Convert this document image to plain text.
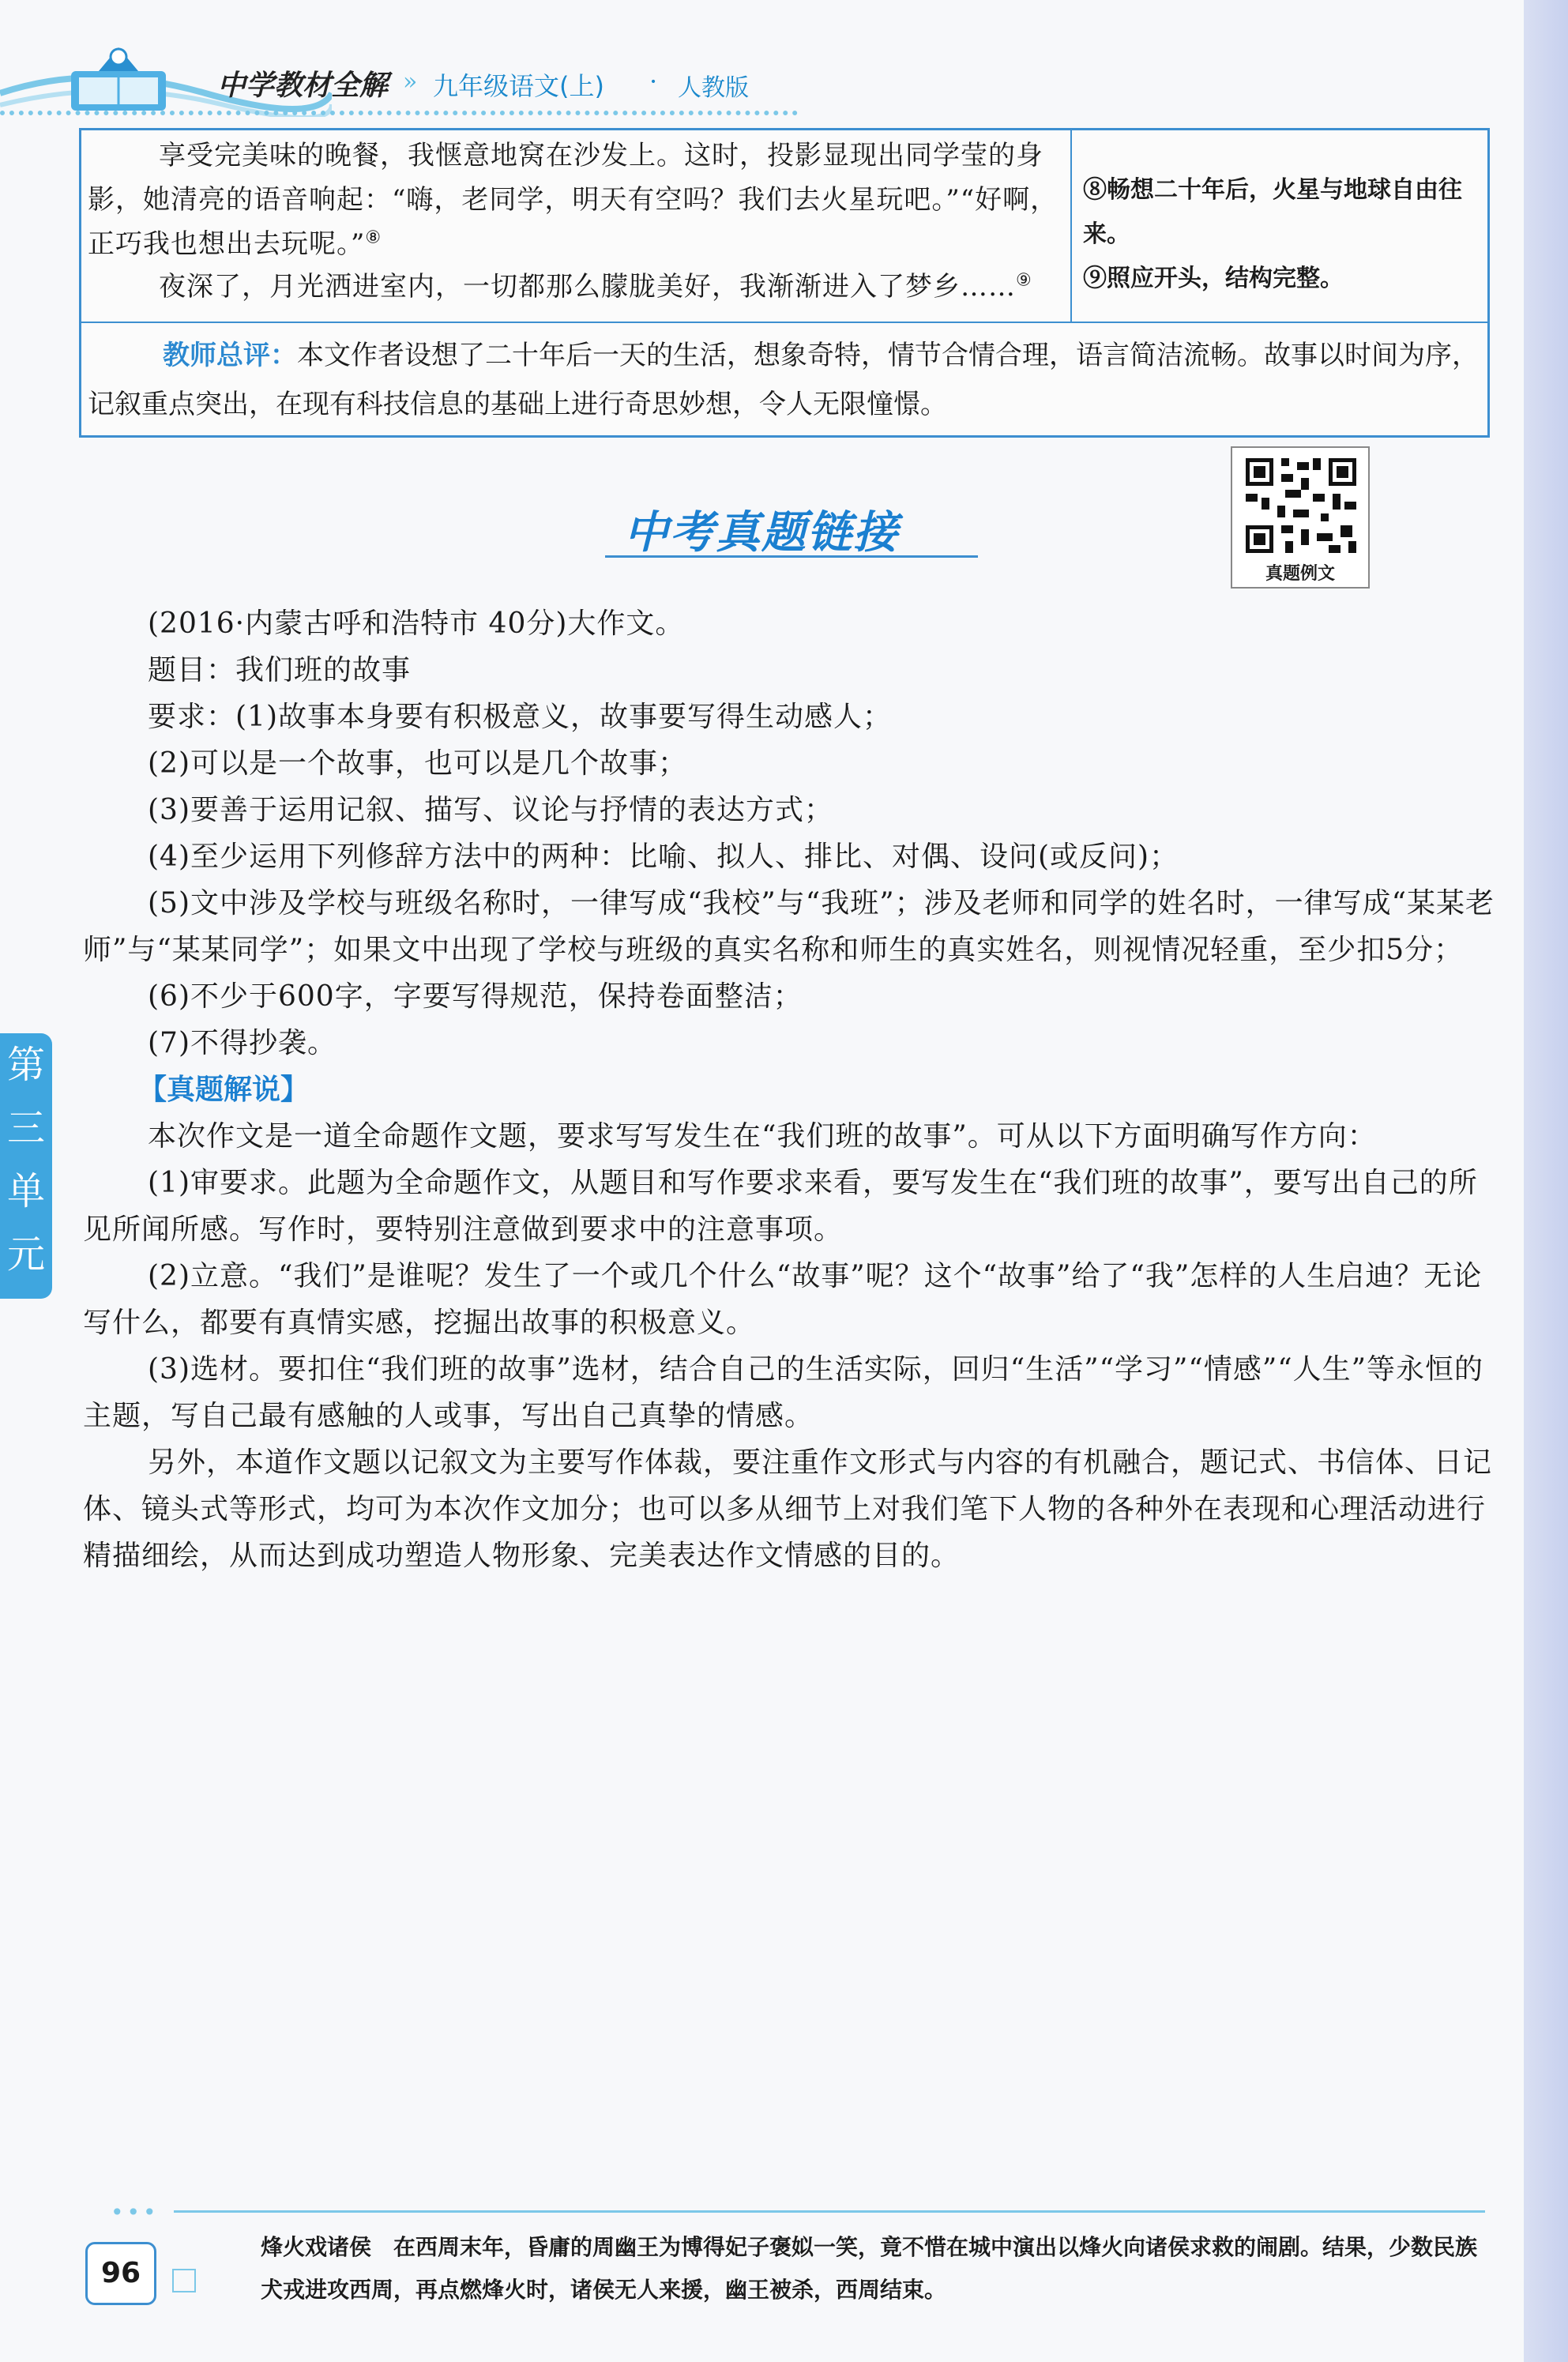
中学教材全解 » 九年级语文(上) · 人教版

享受完美味的晚餐，我惬意地窝在沙发上。这时，投影显现出同学莹的身影，她清亮的语音响起：“嗨，老同学，明天有空吗？我们去火星玩吧。”“好啊，正巧我也想出去玩呢。”⑧

夜深了，月光洒进室内，一切都那么朦胧美好，我渐渐进入了梦乡……⑨

⑧畅想二十年后，火星与地球自由往来。
⑨照应开头，结构完整。

教师总评：本文作者设想了二十年后一天的生活，想象奇特，情节合情合理，语言简洁流畅。故事以时间为序，记叙重点突出，在现有科技信息的基础上进行奇思妙想，令人无限憧憬。

中考真题链接
真题例文

(2016·内蒙古呼和浩特市 40分)大作文。

题目：我们班的故事

要求：(1)故事本身要有积极意义，故事要写得生动感人；

(2)可以是一个故事，也可以是几个故事；

(3)要善于运用记叙、描写、议论与抒情的表达方式；

(4)至少运用下列修辞方法中的两种：比喻、拟人、排比、对偶、设问(或反问)；

(5)文中涉及学校与班级名称时，一律写成“我校”与“我班”；涉及老师和同学的姓名时，一律写成“某某老师”与“某某同学”；如果文中出现了学校与班级的真实名称和师生的真实姓名，则视情况轻重，至少扣5分；

(6)不少于600字，字要写得规范，保持卷面整洁；

(7)不得抄袭。

【真题解说】

本次作文是一道全命题作文题，要求写写发生在“我们班的故事”。可从以下方面明确写作方向：

(1)审要求。此题为全命题作文，从题目和写作要求来看，要写发生在“我们班的故事”，要写出自己的所见所闻所感。写作时，要特别注意做到要求中的注意事项。

(2)立意。“我们”是谁呢？发生了一个或几个什么“故事”呢？这个“故事”给了“我”怎样的人生启迪？无论写什么，都要有真情实感，挖掘出故事的积极意义。

(3)选材。要扣住“我们班的故事”选材，结合自己的生活实际，回归“生活”“学习”“情感”“人生”等永恒的主题，写自己最有感触的人或事，写出自己真挚的情感。

另外，本道作文题以记叙文为主要写作体裁，要注重作文形式与内容的有机融合，题记式、书信体、日记体、镜头式等形式，均可为本次作文加分；也可以多从细节上对我们笔下人物的各种外在表现和心理活动进行精描细绘，从而达到成功塑造人物形象、完美表达作文情感的目的。

第
三
单
元
•••
96

烽火戏诸侯　 在西周末年，昏庸的周幽王为博得妃子褒姒一笑，竟不惜在城中演出以烽火向诸侯求救的闹剧。结果，少数民族犬戎进攻西周，再点燃烽火时，诸侯无人来援，幽王被杀，西周结束。
